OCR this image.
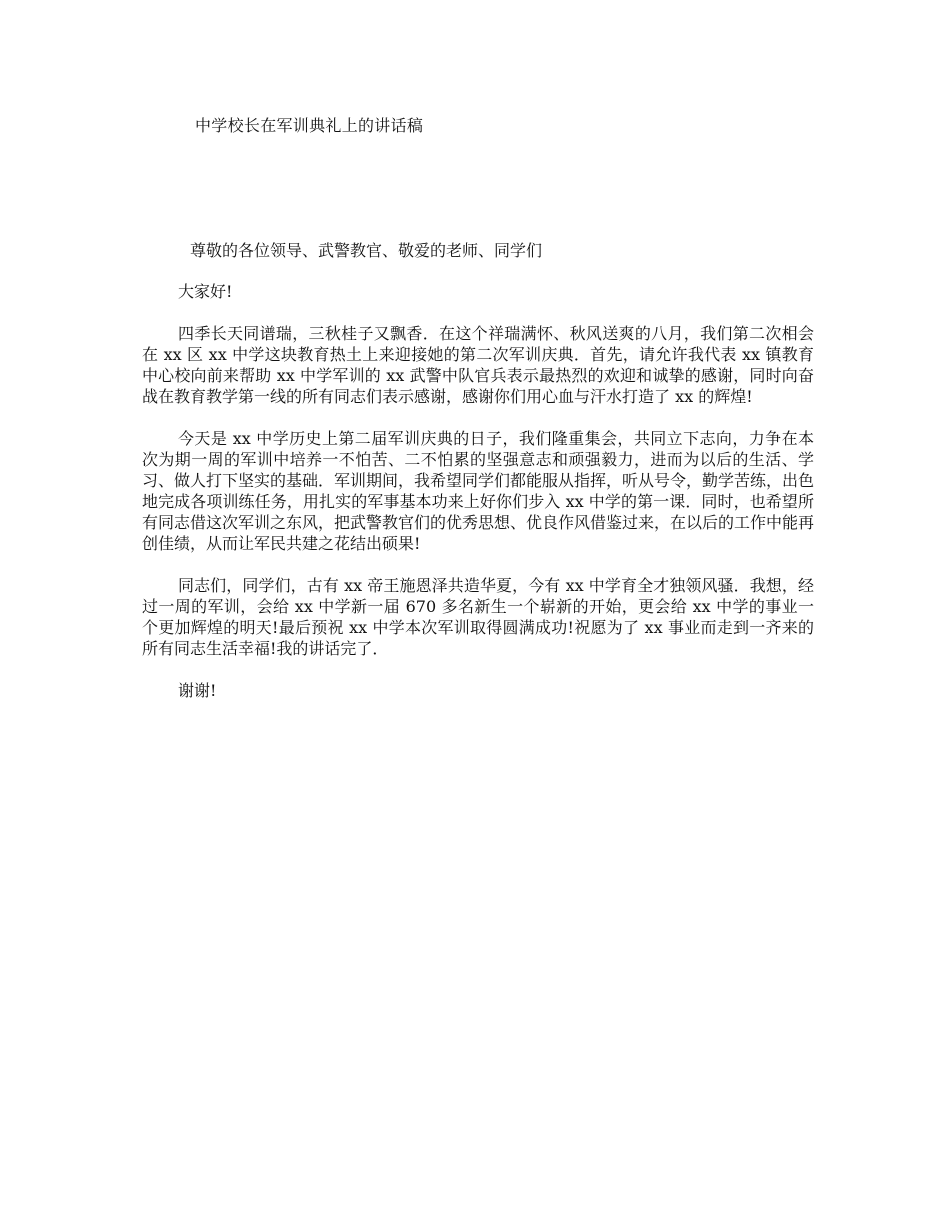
中学校长在军训典礼上的讲话稿
尊敬的各位领导、武警教官、敬爱的老师、同学们
大家好!

四季长天同谱瑞，三秋桂子又飘香．在这个祥瑞满怀、秋风送爽的八月，我们第二次相会在 xx 区 xx 中学这块教育热土上来迎接她的第二次军训庆典．首先，请允许我代表 xx 镇教育中心校向前来帮助 xx 中学军训的 xx 武警中队官兵表示最热烈的欢迎和诚挚的感谢，同时向奋战在教育教学第一线的所有同志们表示感谢，感谢你们用心血与汗水打造了 xx 的辉煌!

今天是 xx 中学历史上第二届军训庆典的日子，我们隆重集会，共同立下志向，力争在本次为期一周的军训中培养一不怕苦、二不怕累的坚强意志和顽强毅力，进而为以后的生活、学习、做人打下坚实的基础．军训期间，我希望同学们都能服从指挥，听从号令，勤学苦练，出色地完成各项训练任务，用扎实的军事基本功来上好你们步入 xx 中学的第一课．同时，也希望所有同志借这次军训之东风，把武警教官们的优秀思想、优良作风借鉴过来，在以后的工作中能再创佳绩，从而让军民共建之花结出硕果!

同志们，同学们，古有 xx 帝王施恩泽共造华夏，今有 xx 中学育全才独领风骚．我想，经过一周的军训，会给 xx 中学新一届 670 多名新生一个崭新的开始，更会给 xx 中学的事业一个更加辉煌的明天!最后预祝 xx 中学本次军训取得圆满成功!祝愿为了 xx 事业而走到一齐来的所有同志生活幸福!我的讲话完了．

谢谢!
